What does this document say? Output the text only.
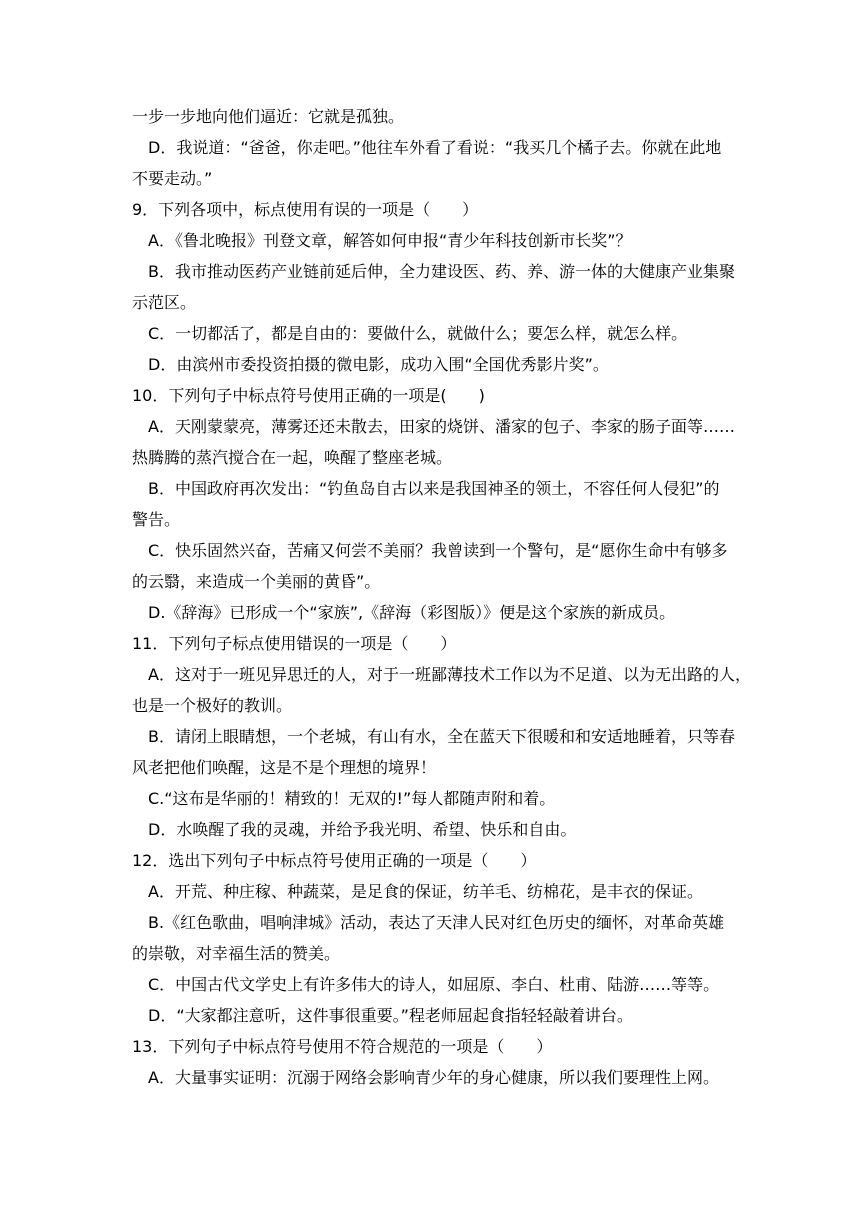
一步一步地向他们逼近：它就是孤独。
D．我说道：“爸爸，你走吧。”他往车外看了看说：“我买几个橘子去。你就在此地
不要走动。”
9．下列各项中，标点使用有误的一项是（　　）
A．《鲁北晚报》刊登文章，解答如何申报“青少年科技创新市长奖”？
B．我市推动医药产业链前延后伸，全力建设医、药、养、游一体的大健康产业集聚
示范区。
C．一切都活了，都是自由的：要做什么，就做什么；要怎么样，就怎么样。
D．由滨州市委投资拍摄的微电影，成功入围“全国优秀影片奖”。
10．下列句子中标点符号使用正确的一项是(　　)
A．天刚蒙蒙亮，薄雾还还未散去，田家的烧饼、潘家的包子、李家的肠子面等……
热腾腾的蒸汽搅合在一起，唤醒了整座老城。
B．中国政府再次发出：“钓鱼岛自古以来是我国神圣的领土，不容任何人侵犯”的
警告。
C．快乐固然兴奋，苦痛又何尝不美丽？我曾读到一个警句，是“愿你生命中有够多
的云翳，来造成一个美丽的黄昏”。
D.《辞海》已形成一个“家族”,《辞海（彩图版）》便是这个家族的新成员。
11．下列句子标点使用错误的一项是（　　）
A．这对于一班见异思迁的人，对于一班鄙薄技术工作以为不足道、以为无出路的人，
也是一个极好的教训。
B．请闭上眼睛想，一个老城，有山有水，全在蓝天下很暖和和安适地睡着，只等春
风老把他们唤醒，这是不是个理想的境界！
C.“这布是华丽的！精致的！无双的!”每人都随声附和着。
D．水唤醒了我的灵魂，并给予我光明、希望、快乐和自由。
12．选出下列句子中标点符号使用正确的一项是（　　）
A．开荒、种庄稼、种蔬菜，是足食的保证，纺羊毛、纺棉花，是丰衣的保证。
B.《红色歌曲，唱响津城》活动，表达了天津人民对红色历史的缅怀，对革命英雄
的崇敬，对幸福生活的赞美。
C．中国古代文学史上有许多伟大的诗人，如屈原、李白、杜甫、陆游……等等。
D．“大家都注意听，这件事很重要。”程老师屈起食指轻轻敲着讲台。
13．下列句子中标点符号使用不符合规范的一项是（　　）
A．大量事实证明：沉溺于网络会影响青少年的身心健康，所以我们要理性上网。
